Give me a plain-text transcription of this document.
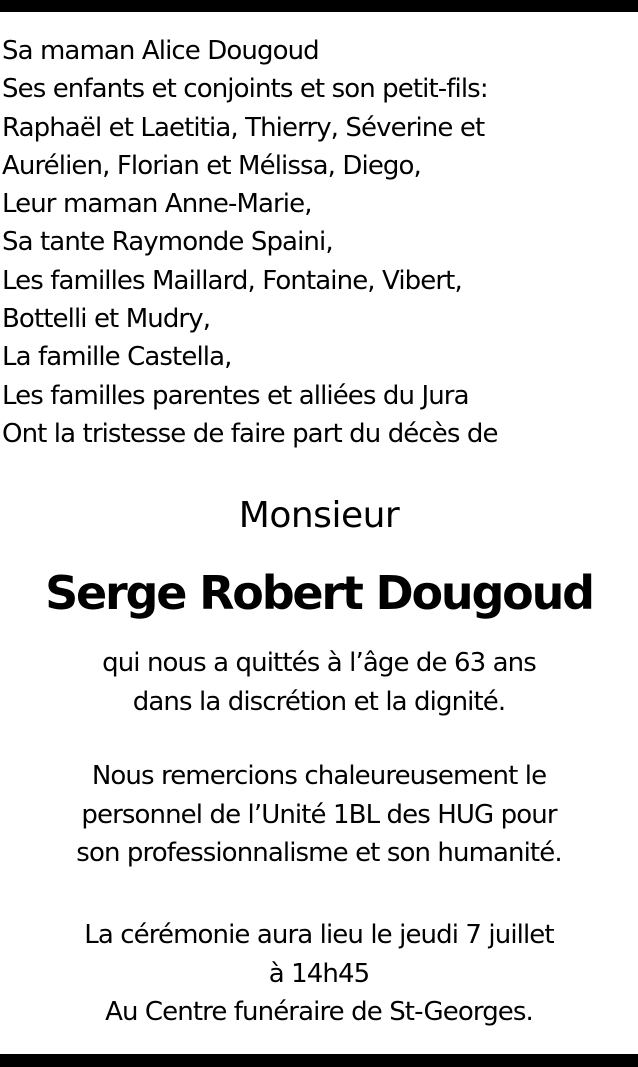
Sa maman Alice Dougoud
Ses enfants et conjoints et son petit-fils:
Raphaël et Laetitia, Thierry, Séverine et
Aurélien, Florian et Mélissa, Diego,
Leur maman Anne-Marie,
Sa tante Raymonde Spaini,
Les familles Maillard, Fontaine, Vibert,
Bottelli et Mudry,
La famille Castella,
Les familles parentes et alliées du Jura
Ont la tristesse de faire part du décès de
Monsieur
Serge Robert Dougoud
qui nous a quittés à l’âge de 63 ans
dans la discrétion et la dignité.
Nous remercions chaleureusement le
personnel de l’Unité 1BL des HUG pour
son professionnalisme et son humanité.
La cérémonie aura lieu le jeudi 7 juillet
à 14h45
Au Centre funéraire de St-Georges.
